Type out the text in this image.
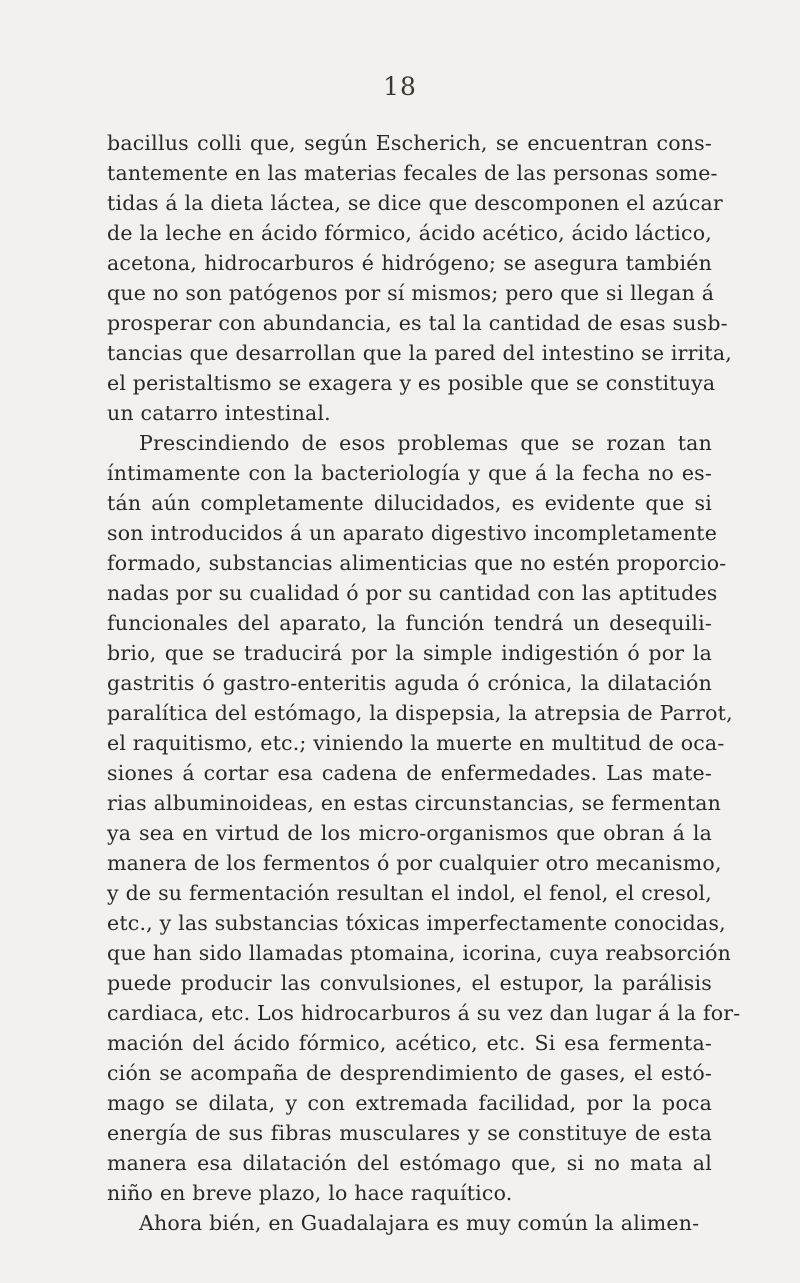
18
bacillus colli que, según Escherich, se encuentran cons-
tantemente en las materias fecales de las personas some-
tidas á la dieta láctea, se dice que descomponen el azúcar
de la leche en ácido fórmico, ácido acético, ácido láctico,
acetona, hidrocarburos é hidrógeno; se asegura también
que no son patógenos por sí mismos; pero que si llegan á
prosperar con abundancia, es tal la cantidad de esas susb-
tancias que desarrollan que la pared del intestino se irrita,
el peristaltismo se exagera y es posible que se constituya
un catarro intestinal.
Prescindiendo de esos problemas que se rozan tan
íntimamente con la bacteriología y que á la fecha no es-
tán aún completamente dilucidados, es evidente que si
son introducidos á un aparato digestivo incompletamente
formado, substancias alimenticias que no estén proporcio-
nadas por su cualidad ó por su cantidad con las aptitudes
funcionales del aparato, la función tendrá un desequili-
brio, que se traducirá por la simple indigestión ó por la
gastritis ó gastro-enteritis aguda ó crónica, la dilatación
paralítica del estómago, la dispepsia, la atrepsia de Parrot,
el raquitismo, etc.; viniendo la muerte en multitud de oca-
siones á cortar esa cadena de enfermedades. Las mate-
rias albuminoideas, en estas circunstancias, se fermentan
ya sea en virtud de los micro-organismos que obran á la
manera de los fermentos ó por cualquier otro mecanismo,
y de su fermentación resultan el indol, el fenol, el cresol,
etc., y las substancias tóxicas imperfectamente conocidas,
que han sido llamadas ptomaina, icorina, cuya reabsorción
puede producir las convulsiones, el estupor, la parálisis
cardiaca, etc. Los hidrocarburos á su vez dan lugar á la for-
mación del ácido fórmico, acético, etc. Si esa fermenta-
ción se acompaña de desprendimiento de gases, el estó-
mago se dilata, y con extremada facilidad, por la poca
energía de sus fibras musculares y se constituye de esta
manera esa dilatación del estómago que, si no mata al
niño en breve plazo, lo hace raquítico.
Ahora bién, en Guadalajara es muy común la alimen-
